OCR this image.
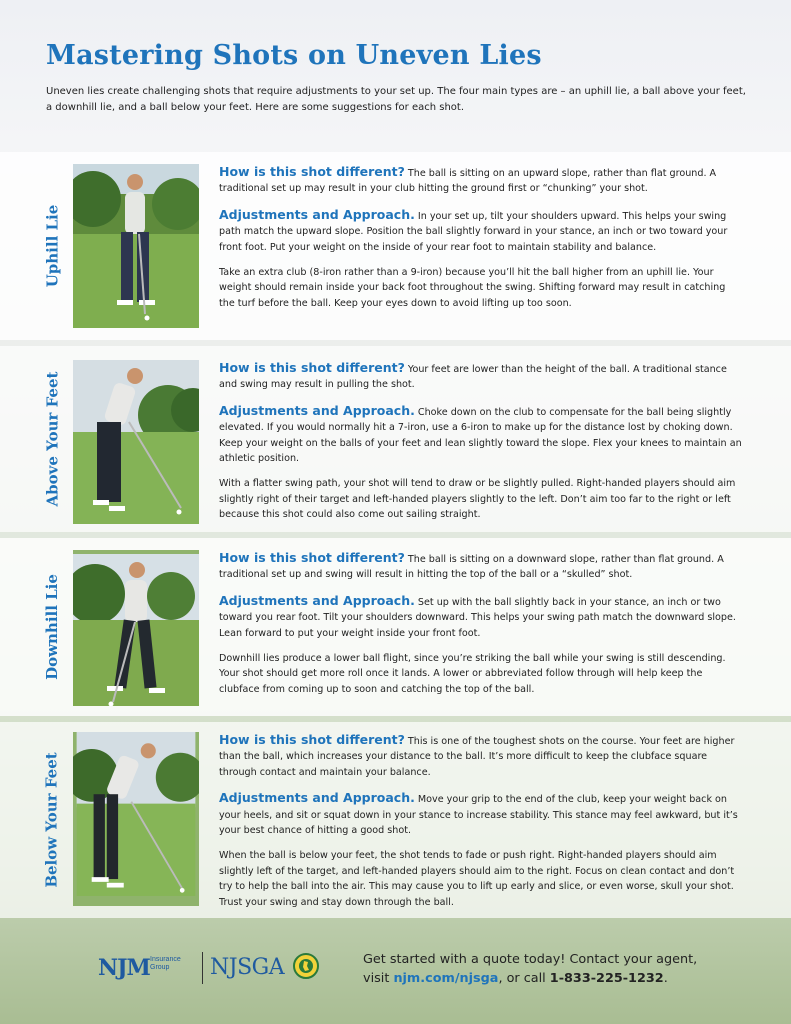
Mastering Shots on Uneven Lies

Uneven lies create challenging shots that require adjustments to your set up. The four main types are – an uphill lie, a ball above your feet, a downhill lie, and a ball below your feet. Here are some suggestions for each shot.

Uphill Lie

How is this shot different? The ball is sitting on an upward slope, rather than flat ground. A traditional set up may result in your club hitting the ground first or “chunking” your shot.

Adjustments and Approach. In your set up, tilt your shoulders upward. This helps your swing path match the upward slope. Position the ball slightly forward in your stance, an inch or two toward your front foot. Put your weight on the inside of your rear foot to maintain stability and balance.

Take an extra club (8-iron rather than a 9-iron) because you’ll hit the ball higher from an uphill lie. Your weight should remain inside your back foot throughout the swing. Shifting forward may result in catching the turf before the ball. Keep your eyes down to avoid lifting up too soon.

Above Your Feet

How is this shot different? Your feet are lower than the height of the ball. A traditional stance and swing may result in pulling the shot.

Adjustments and Approach. Choke down on the club to compensate for the ball being slightly elevated. If you would normally hit a 7-iron, use a 6-iron to make up for the distance lost by choking down. Keep your weight on the balls of your feet and lean slightly toward the slope. Flex your knees to maintain an athletic position.

With a flatter swing path, your shot will tend to draw or be slightly pulled. Right-handed players should aim slightly right of their target and left-handed players slightly to the left. Don’t aim too far to the right or left because this shot could also come out sailing straight.

Downhill Lie

How is this shot different? The ball is sitting on a downward slope, rather than flat ground. A traditional set up and swing will result in hitting the top of the ball or a “skulled” shot.

Adjustments and Approach. Set up with the ball slightly back in your stance, an inch or two toward you rear foot. Tilt your shoulders downward. This helps your swing path match the downward slope. Lean forward to put your weight inside your front foot.

Downhill lies produce a lower ball flight, since you’re striking the ball while your swing is still descending. Your shot should get more roll once it lands. A lower or abbreviated follow through will help keep the clubface from coming up to soon and catching the top of the ball.

Below Your Feet

How is this shot different? This is one of the toughest shots on the course. Your feet are higher than the ball, which increases your distance to the ball. It’s more difficult to keep the clubface square through contact and maintain your balance.

Adjustments and Approach. Move your grip to the end of the club, keep your weight back on your heels, and sit or squat down in your stance to increase stability. This stance may feel awkward, but it’s your best chance of hitting a good shot.

When the ball is below your feet, the shot tends to fade or push right. Right-handed players should aim slightly left of the target, and left-handed players should aim to the right. Focus on clean contact and don’t try to help the ball into the air. This may cause you to lift up early and slice, or even worse, skull your shot. Trust your swing and stay down through the ball.

NJM Insurance
Group	NJSGA	Get started with a quote today! Contact your agent,
visit njm.com/njsga, or call 1-833-225-1232.
